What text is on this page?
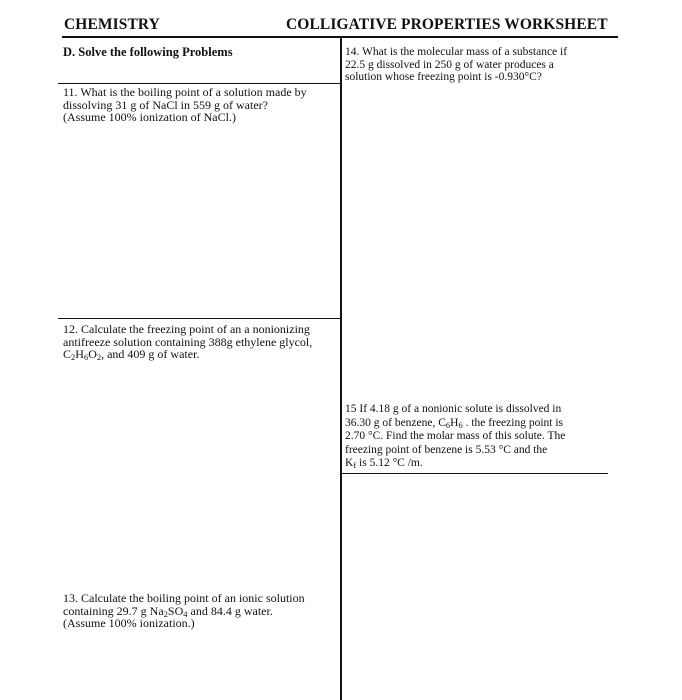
CHEMISTRY	COLLIGATIVE PROPERTIES WORKSHEET
D. Solve the following Problems
11. What is the boiling point of a solution made by
dissolving 31 g of NaCl in 559 g of water?
(Assume 100% ionization of NaCl.)
12. Calculate the freezing point of an a nonionizing
antifreeze solution containing 388g ethylene glycol,
$C_2H_6O_2$, and 409 g of water.
13. Calculate the boiling point of an ionic solution
containing 29.7 g $Na_2SO_4$ and 84.4 g water.
(Assume 100% ionization.)
14. What is the molecular mass of a substance if
22.5 g dissolved in 250 g of water produces a
solution whose freezing point is -0.930°C?
15 If 4.18 g of a nonionic solute is dissolved in
36.30 g of benzene, $C_6H_6$ . the freezing point is
2.70 °C. Find the molar mass of this solute. The
freezing point of benzene is 5.53 °C and the
$K_f$ is 5.12 °C /m.
